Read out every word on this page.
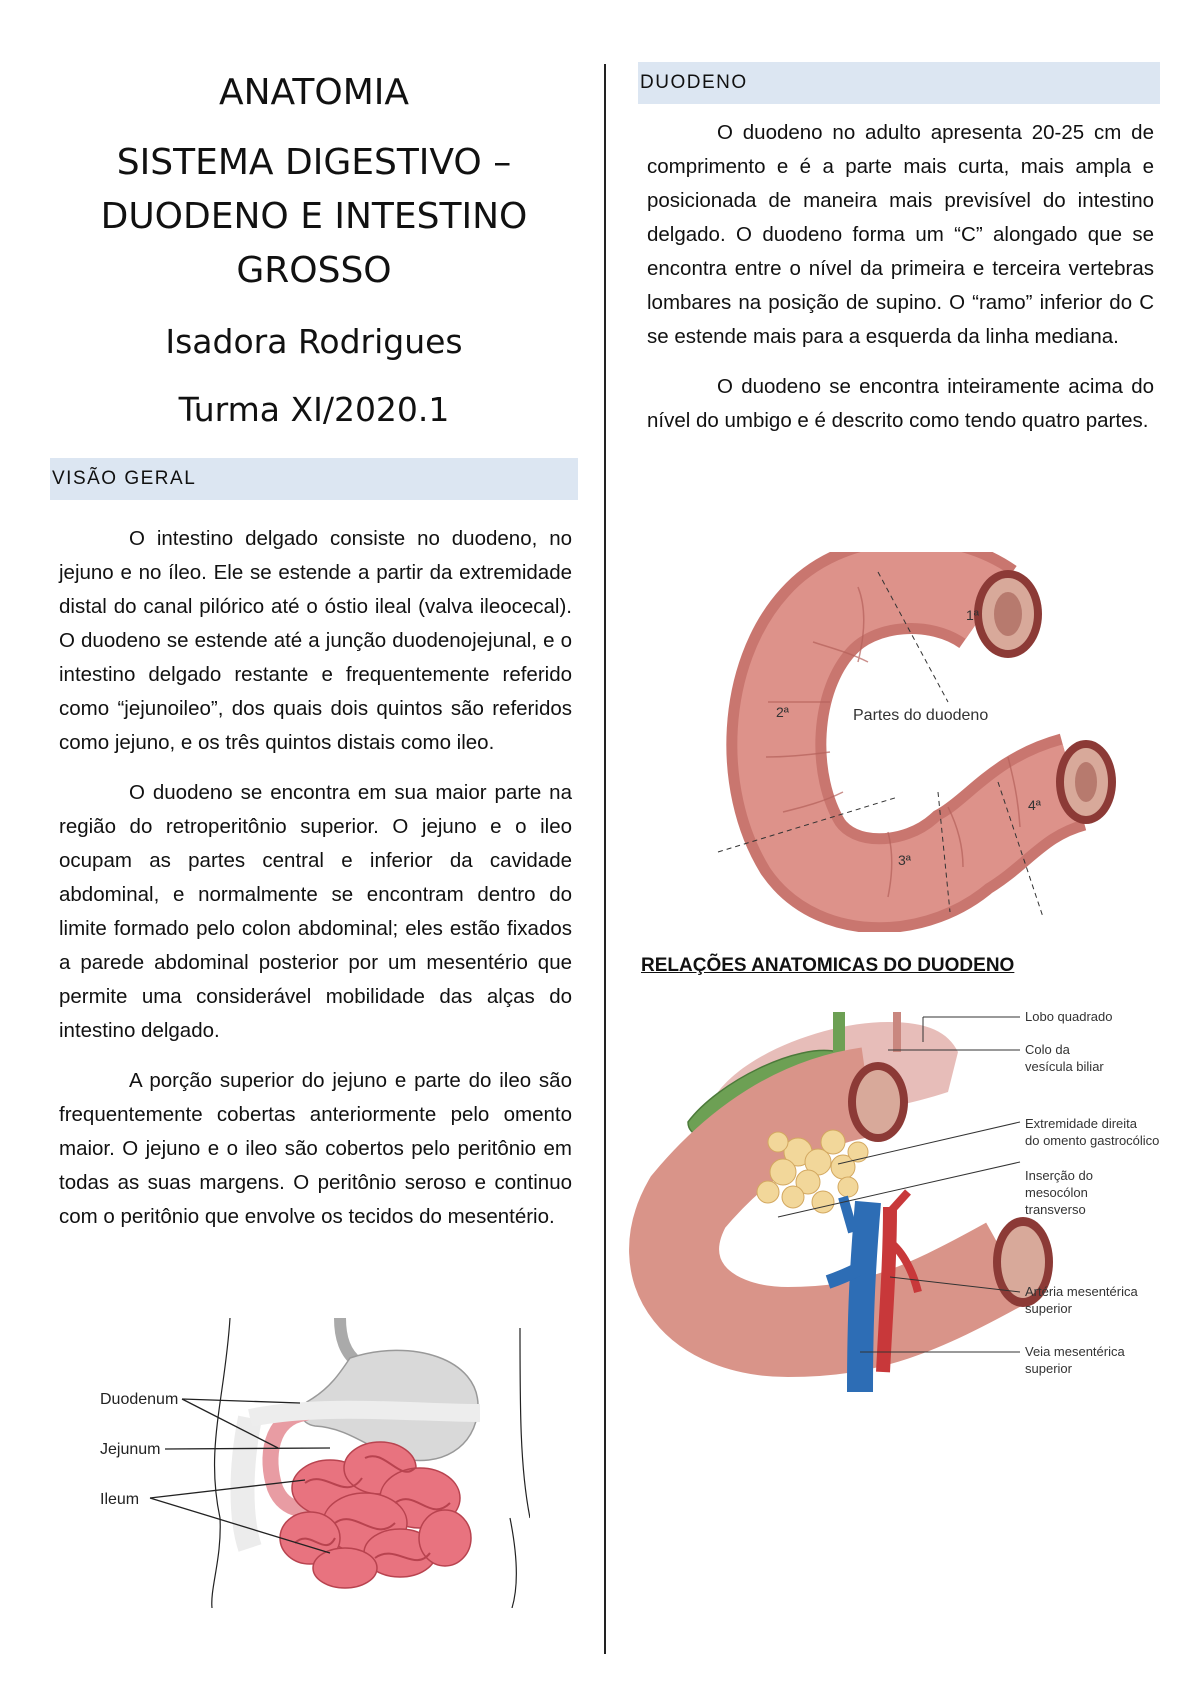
ANATOMIA

SISTEMA DIGESTIVO –

DUODENO E INTESTINO

GROSSO

Isadora Rodrigues

Turma XI/2020.1

VISÃO GERAL

O intestino delgado consiste no duodeno, no jejuno e no íleo. Ele se estende a partir da extremidade distal do canal pilórico até o óstio ileal (valva ileocecal). O duodeno se estende até a junção duodenojejunal, e o intestino delgado restante e frequentemente referido como “jejunoileo”, dos quais dois quintos são referidos como jejuno, e os três quintos distais como ileo.

O duodeno se encontra em sua maior parte na região do retroperitônio superior. O jejuno e o ileo ocupam as partes central e inferior da cavidade abdominal, e normalmente se encontram dentro do limite formado pelo colon abdominal; eles estão fixados a parede abdominal posterior por um mesentério que permite uma considerável mobilidade das alças do intestino delgado.

A porção superior do jejuno e parte do ileo são frequentemente cobertas anteriormente pelo omento maior. O jejuno e o ileo são cobertos pelo peritônio em todas as suas margens. O peritônio seroso e continuo com o peritônio que envolve os tecidos do mesentério.

Duodenum
Jejunum
Ileum
DUODENO

O duodeno no adulto apresenta 20-25 cm de comprimento e é a parte mais curta, mais ampla e posicionada de maneira mais previsível do intestino delgado. O duodeno forma um “C” alongado que se encontra entre o nível da primeira e terceira vertebras lombares na posição de supino. O “ramo” inferior do C se estende mais para a esquerda da linha mediana.

O duodeno se encontra inteiramente acima do nível do umbigo e é descrito como tendo quatro partes.

1ª
2ª
3ª
4ª
Partes do duodeno

RELAÇÕES ANATOMICAS DO DUODENO

Lobo quadrado
Colo da
vesícula biliar
Extremidade direita
do omento gastrocólico
Inserção do
mesocólon
transverso
Artéria mesentérica
superior
Veia mesentérica
superior
